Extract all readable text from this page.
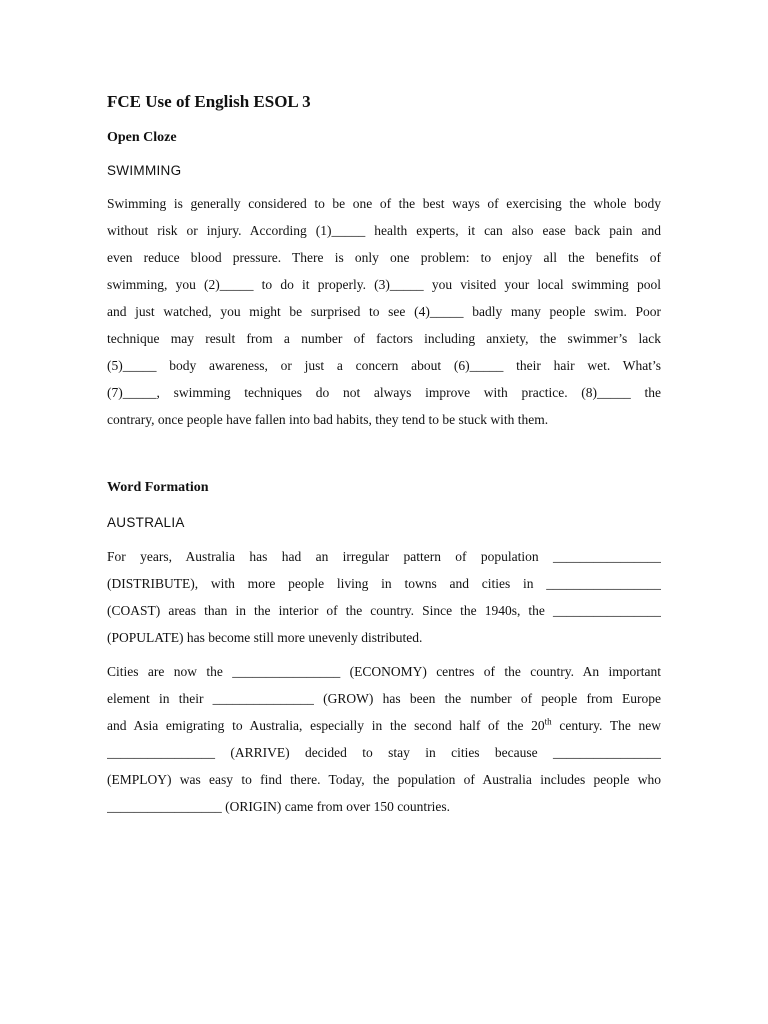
FCE Use of English ESOL 3
Open Cloze
SWIMMING
Swimming is generally considered to be one of the best ways of exercising the whole body
without risk or injury. According (1)_____ health experts, it can also ease back pain and
even reduce blood pressure. There is only one problem: to enjoy all the benefits of
swimming, you (2)_____ to do it properly. (3)_____ you visited your local swimming pool
and just watched, you might be surprised to see (4)_____ badly many people swim. Poor
technique may result from a number of factors including anxiety, the swimmer’s lack
(5)_____ body awareness, or just a concern about (6)_____ their hair wet. What’s
(7)_____, swimming techniques do not always improve with practice. (8)_____ the
contrary, once people have fallen into bad habits, they tend to be stuck with them.
Word Formation
AUSTRALIA
For years, Australia has had an irregular pattern of population ________________
(DISTRIBUTE), with more people living in towns and cities in _________________
(COAST) areas than in the interior of the country. Since the 1940s, the ________________
(POPULATE) has become still more unevenly distributed.
Cities are now the ________________ (ECONOMY) centres of the country. An important
element in their _______________ (GROW) has been the number of people from Europe
and Asia emigrating to Australia, especially in the second half of the 20th century. The new
________________ (ARRIVE) decided to stay in cities because ________________
(EMPLOY) was easy to find there. Today, the population of Australia includes people who
_________________ (ORIGIN) came from over 150 countries.
